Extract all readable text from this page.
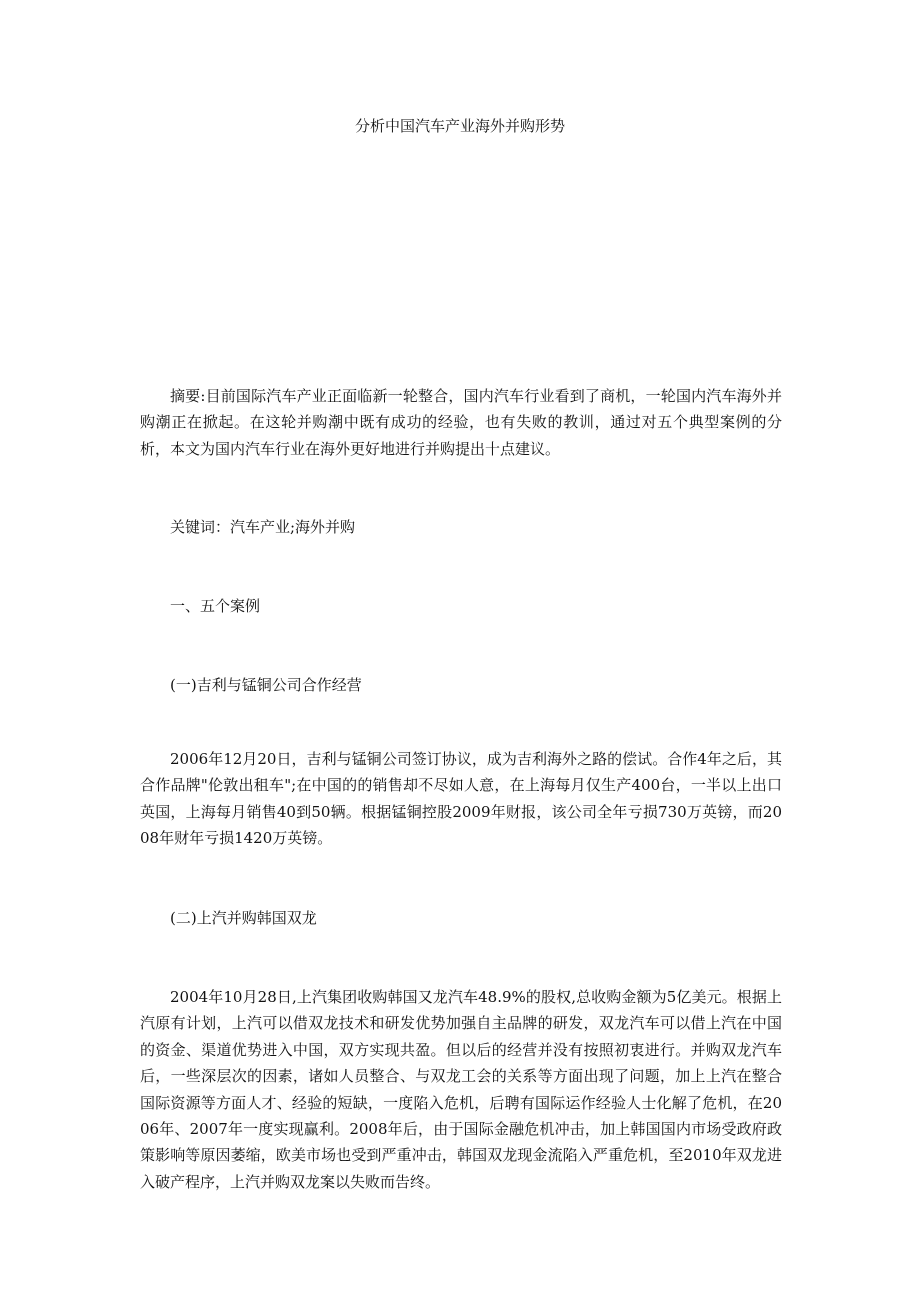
分析中国汽车产业海外并购形势

摘要:目前国际汽车产业正面临新一轮整合，国内汽车行业看到了商机，一轮国内汽车海外并购潮正在掀起。在这轮并购潮中既有成功的经验，也有失败的教训，通过对五个典型案例的分析，本文为国内汽车行业在海外更好地进行并购提出十点建议。

关键词：汽车产业;海外并购

一、五个案例
(一)吉利与锰铜公司合作经营

2006年12月20日，吉利与锰铜公司签订协议，成为吉利海外之路的偿试。合作4年之后，其合作品牌"伦敦出租车";在中国的的销售却不尽如人意，在上海每月仅生产400台，一半以上出口英国，上海每月销售40到50辆。根据锰铜控股2009年财报，该公司全年亏损730万英镑，而2008年财年亏损1420万英镑。

(二)上汽并购韩国双龙

2004年10月28日,上汽集团收购韩国又龙汽车48.9%的股权,总收购金额为5亿美元。根据上汽原有计划，上汽可以借双龙技术和研发优势加强自主品牌的研发，双龙汽车可以借上汽在中国的资金、渠道优势进入中国，双方实现共盈。但以后的经营并没有按照初衷进行。并购双龙汽车后，一些深层次的因素，诸如人员整合、与双龙工会的关系等方面出现了问题，加上上汽在整合国际资源等方面人才、经验的短缺，一度陷入危机，后聘有国际运作经验人士化解了危机，在2006年、2007年一度实现赢利。2008年后，由于国际金融危机冲击，加上韩国国内市场受政府政策影响等原因萎缩，欧美市场也受到严重冲击，韩国双龙现金流陷入严重危机，至2010年双龙进入破产程序，上汽并购双龙案以失败而告终。
